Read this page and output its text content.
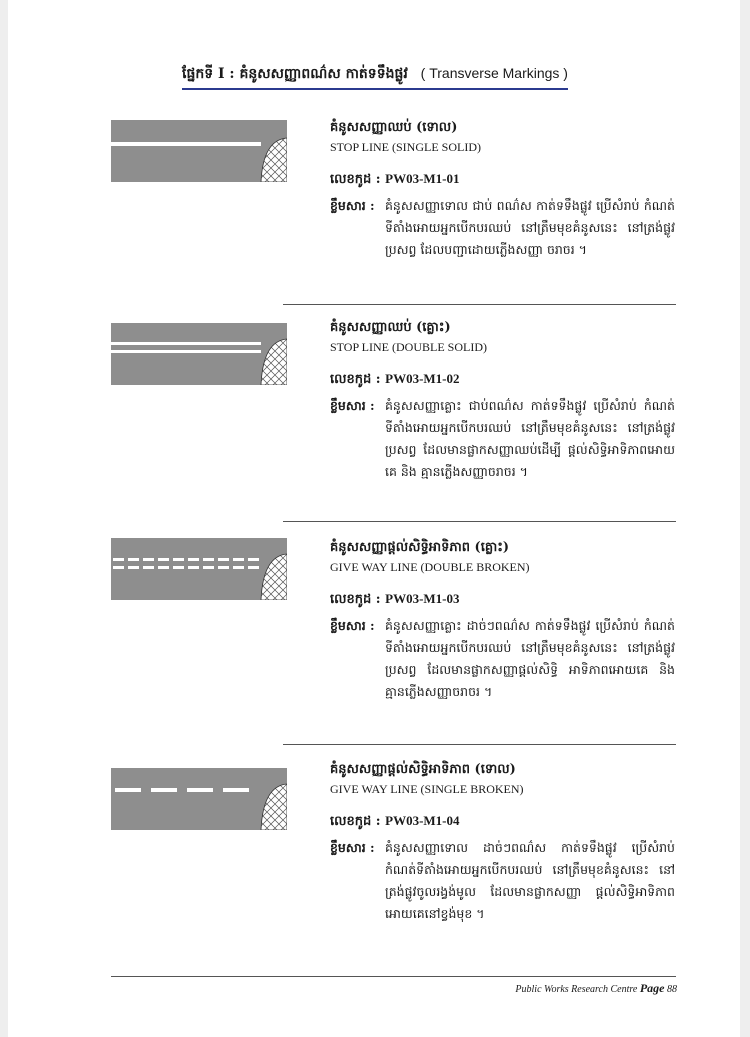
ផ្នែកទី I : គំនូសសញ្ញាពណ៌ស កាត់ទទឹងផ្លូវ ( Transverse Markings )

គំនូសសញ្ញាឈប់ (ទោល)

STOP LINE (SINGLE SOLID)

លេខកូដ : PW03-M1-01
ខ្លឹមសារ : គំនូសសញ្ញាទោល ជាប់ ពណ៌ស កាត់ទទឹងផ្លូវ ប្រើសំរាប់ កំណត់ទីតាំងអោយអ្នកបើកបរឈប់ នៅត្រឹមមុខគំនូសនេះ នៅត្រង់ផ្លូវប្រសព្វ ដែលបញ្ជាដោយភ្លើងសញ្ញា ចរាចរ ។

គំនូសសញ្ញាឈប់ (គ្លោះ)

STOP LINE (DOUBLE SOLID)

លេខកូដ : PW03-M1-02
ខ្លឹមសារ : គំនូសសញ្ញាគ្លោះ ជាប់ពណ៌ស កាត់ទទឹងផ្លូវ ប្រើសំរាប់ កំណត់ទីតាំងអោយអ្នកបើកបរឈប់ នៅត្រឹមមុខគំនូសនេះ នៅត្រង់ផ្លូវប្រសព្វ ដែលមានផ្លាកសញ្ញាឈប់ដើម្បី ផ្ដល់សិទ្ធិអាទិភាពអោយគេ និង គ្មានភ្លើងសញ្ញាចរាចរ ។

គំនូសសញ្ញាផ្ដល់សិទ្ធិអាទិភាព (គ្លោះ)

GIVE WAY LINE (DOUBLE BROKEN)

លេខកូដ : PW03-M1-03
ខ្លឹមសារ : គំនូសសញ្ញាគ្លោះ ដាច់ៗពណ៌ស កាត់ទទឹងផ្លូវ ប្រើសំរាប់ កំណត់ទីតាំងអោយអ្នកបើកបរឈប់ នៅត្រឹមមុខគំនូសនេះ នៅត្រង់ផ្លូវប្រសព្វ ដែលមានផ្លាកសញ្ញាផ្ដល់សិទ្ធិ អាទិភាពអោយគេ និង គ្មានភ្លើងសញ្ញាចរាចរ ។

គំនូសសញ្ញាផ្ដល់សិទ្ធិអាទិភាព (ទោល)

GIVE WAY LINE (SINGLE BROKEN)

លេខកូដ : PW03-M1-04
ខ្លឹមសារ : គំនូសសញ្ញាទោល ដាច់ៗពណ៌ស កាត់ទទឹងផ្លូវ ប្រើសំរាប់ កំណត់ទីតាំងអោយអ្នកបើកបរឈប់ នៅត្រឹមមុខគំនូសនេះ នៅត្រង់ផ្លូវចូលរង្វង់មូល ដែលមានផ្លាកសញ្ញា ផ្ដល់សិទ្ធិអាទិភាពអោយគេនៅខ្វង់មុខ ។
Public Works Research Centre Page 88
